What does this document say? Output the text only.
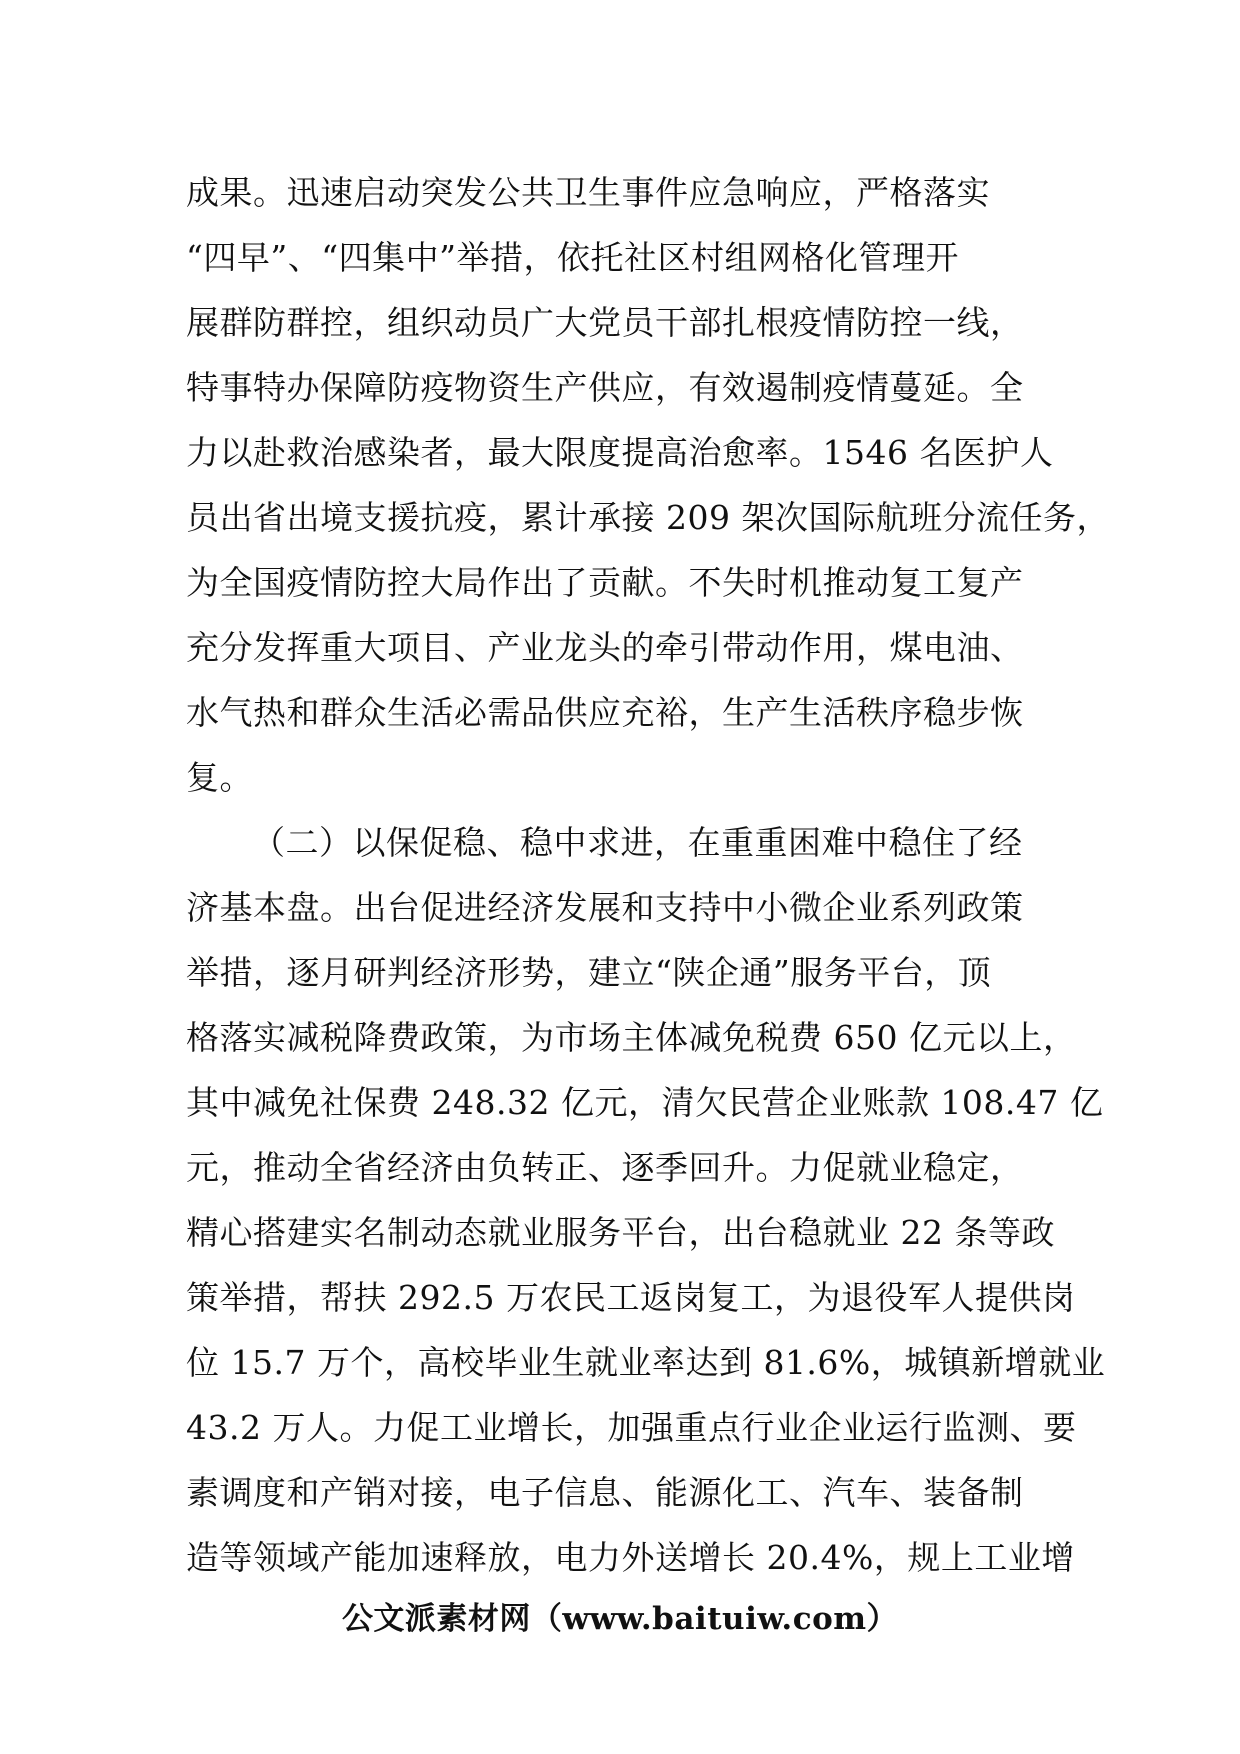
成果。迅速启动突发公共卫生事件应急响应，严格落实
“四早”、“四集中”举措，依托社区村组网格化管理开
展群防群控，组织动员广大党员干部扎根疫情防控一线，
特事特办保障防疫物资生产供应，有效遏制疫情蔓延。全
力以赴救治感染者，最大限度提高治愈率。1546 名医护人
员出省出境支援抗疫，累计承接 209 架次国际航班分流任务，
为全国疫情防控大局作出了贡献。不失时机推动复工复产
充分发挥重大项目、产业龙头的牵引带动作用，煤电油、
水气热和群众生活必需品供应充裕，生产生活秩序稳步恢
复。
（二）以保促稳、稳中求进，在重重困难中稳住了经
济基本盘。出台促进经济发展和支持中小微企业系列政策
举措，逐月研判经济形势，建立“陕企通”服务平台，顶
格落实减税降费政策，为市场主体减免税费 650 亿元以上，
其中减免社保费 248.32 亿元，清欠民营企业账款 108.47 亿
元，推动全省经济由负转正、逐季回升。力促就业稳定，
精心搭建实名制动态就业服务平台，出台稳就业 22 条等政
策举措，帮扶 292.5 万农民工返岗复工，为退役军人提供岗
位 15.7 万个，高校毕业生就业率达到 81.6%，城镇新增就业
43.2 万人。力促工业增长，加强重点行业企业运行监测、要
素调度和产销对接，电子信息、能源化工、汽车、装备制
造等领域产能加速释放，电力外送增长 20.4%，规上工业增
公文派素材网（www.baituiw.com）
